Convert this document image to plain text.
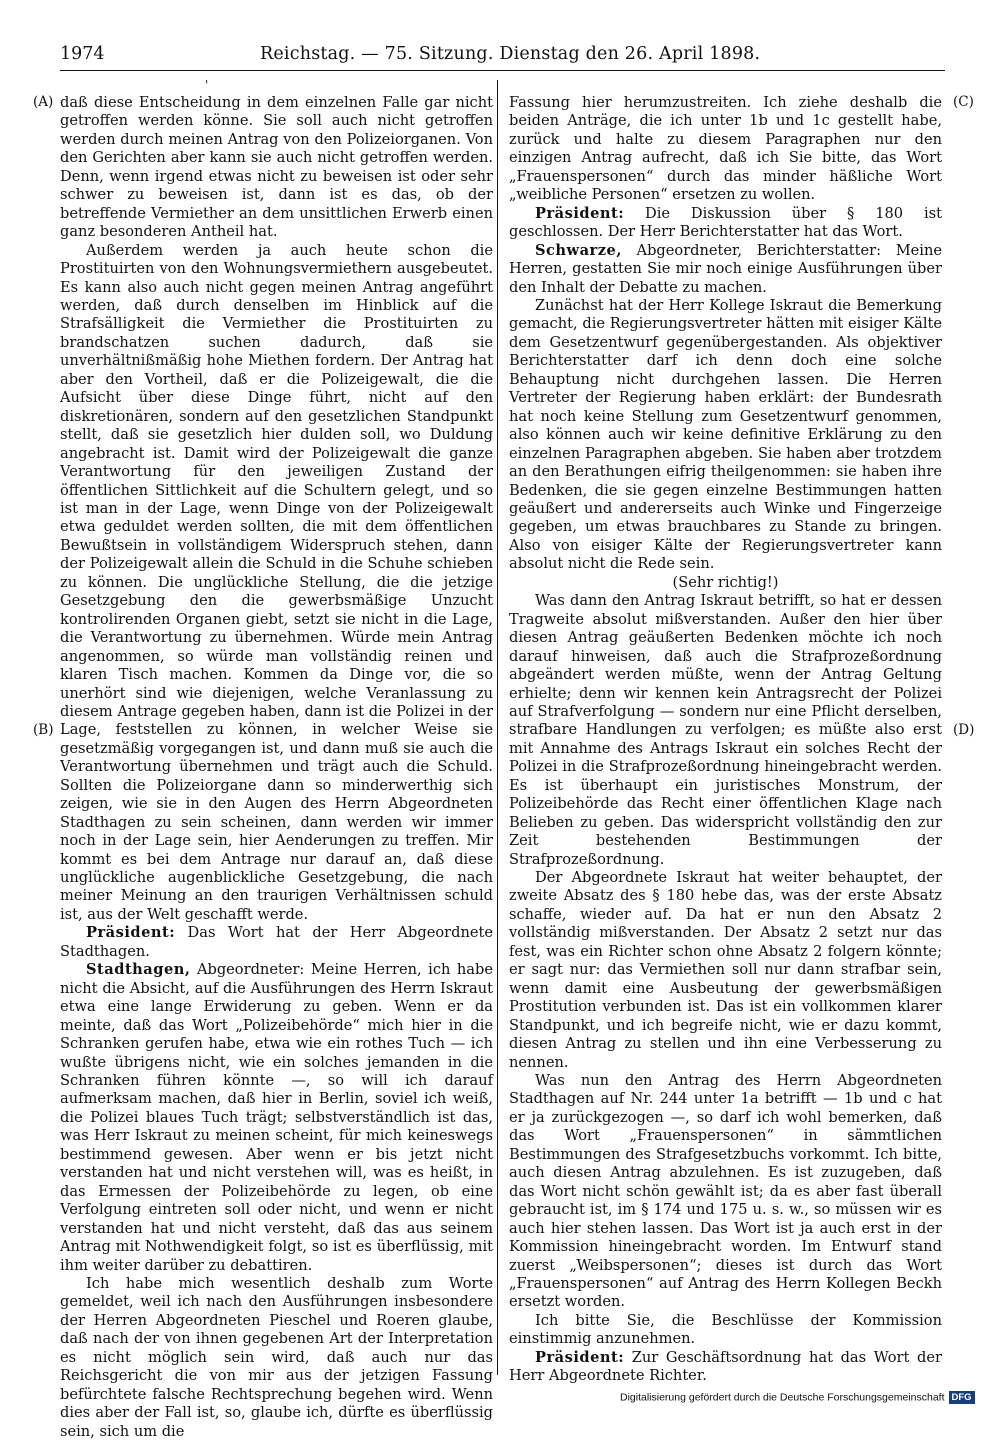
1974	Reichstag. — 75. Sitzung. Dienstag den 26. April 1898.
'
(A)
(B)
(C)
(D)

daß diese Entscheidung in dem einzelnen Falle gar nicht getroffen werden könne. Sie soll auch nicht getroffen werden durch meinen Antrag von den Polizeiorganen. Von den Gerichten aber kann sie auch nicht getroffen werden. Denn, wenn irgend etwas nicht zu beweisen ist oder sehr schwer zu beweisen ist, dann ist es das, ob der betreffende Vermiether an dem unsittlichen Erwerb einen ganz besonderen Antheil hat.

Außerdem werden ja auch heute schon die Prostituirten von den Wohnungsvermiethern ausgebeutet. Es kann also auch nicht gegen meinen Antrag angeführt werden, daß durch denselben im Hinblick auf die Strafsälligkeit die Vermiether die Prostituirten zu brandschatzen suchen dadurch, daß sie unverhältnißmäßig hohe Miethen fordern. Der Antrag hat aber den Vortheil, daß er die Polizeigewalt, die die Aufsicht über diese Dinge führt, nicht auf den diskretionären, sondern auf den gesetzlichen Standpunkt stellt, daß sie gesetzlich hier dulden soll, wo Duldung angebracht ist. Damit wird der Polizeigewalt die ganze Verantwortung für den jeweiligen Zustand der öffentlichen Sittlichkeit auf die Schultern gelegt, und so ist man in der Lage, wenn Dinge von der Polizeigewalt etwa geduldet werden sollten, die mit dem öffentlichen Bewußtsein in vollständigem Widerspruch stehen, dann der Polizeigewalt allein die Schuld in die Schuhe schieben zu können. Die unglückliche Stellung, die die jetzige Gesetzgebung den die gewerbsmäßige Unzucht kontrolirenden Organen giebt, setzt sie nicht in die Lage, die Verantwortung zu übernehmen. Würde mein Antrag angenommen, so würde man vollständig reinen und klaren Tisch machen. Kommen da Dinge vor, die so unerhört sind wie diejenigen, welche Veranlassung zu diesem Antrage gegeben haben, dann ist die Polizei in der Lage, feststellen zu können, in welcher Weise sie gesetzmäßig vorgegangen ist, und dann muß sie auch die Verantwortung übernehmen und trägt auch die Schuld. Sollten die Polizeiorgane dann so minderwerthig sich zeigen, wie sie in den Augen des Herrn Abgeordneten Stadthagen zu sein scheinen, dann werden wir immer noch in der Lage sein, hier Aenderungen zu treffen. Mir kommt es bei dem Antrage nur darauf an, daß diese unglückliche augenblickliche Gesetzgebung, die nach meiner Meinung an den traurigen Verhältnissen schuld ist, aus der Welt geschafft werde.

Präsident: Das Wort hat der Herr Abgeordnete Stadthagen.

Stadthagen, Abgeordneter: Meine Herren, ich habe nicht die Absicht, auf die Ausführungen des Herrn Iskraut etwa eine lange Erwiderung zu geben. Wenn er da meinte, daß das Wort „Polizeibehörde“ mich hier in die Schranken gerufen habe, etwa wie ein rothes Tuch — ich wußte übrigens nicht, wie ein solches jemanden in die Schranken führen könnte —, so will ich darauf aufmerksam machen, daß hier in Berlin, soviel ich weiß, die Polizei blaues Tuch trägt; selbstverständlich ist das, was Herr Iskraut zu meinen scheint, für mich keineswegs bestimmend gewesen. Aber wenn er bis jetzt nicht verstanden hat und nicht verstehen will, was es heißt, in das Ermessen der Polizeibehörde zu legen, ob eine Verfolgung eintreten soll oder nicht, und wenn er nicht verstanden hat und nicht versteht, daß das aus seinem Antrag mit Nothwendigkeit folgt, so ist es überflüssig, mit ihm weiter darüber zu debattiren.

Ich habe mich wesentlich deshalb zum Worte gemeldet, weil ich nach den Ausführungen insbesondere der Herren Abgeordneten Pieschel und Roeren glaube, daß nach der von ihnen gegebenen Art der Interpretation es nicht möglich sein wird, daß auch nur das Reichsgericht die von mir aus der jetzigen Fassung befürchtete falsche Rechtsprechung begehen wird. Wenn dies aber der Fall ist, so, glaube ich, dürfte es überflüssig sein, sich um die

Fassung hier herumzustreiten. Ich ziehe deshalb die beiden Anträge, die ich unter 1b und 1c gestellt habe, zurück und halte zu diesem Paragraphen nur den einzigen Antrag aufrecht, daß ich Sie bitte, das Wort „Frauenspersonen“ durch das minder häßliche Wort „weibliche Personen“ ersetzen zu wollen.

Präsident: Die Diskussion über § 180 ist geschlossen. Der Herr Berichterstatter hat das Wort.

Schwarze, Abgeordneter, Berichterstatter: Meine Herren, gestatten Sie mir noch einige Ausführungen über den Inhalt der Debatte zu machen.

Zunächst hat der Herr Kollege Iskraut die Bemerkung gemacht, die Regierungsvertreter hätten mit eisiger Kälte dem Gesetzentwurf gegenübergestanden. Als objektiver Berichterstatter darf ich denn doch eine solche Behauptung nicht durchgehen lassen. Die Herren Vertreter der Regierung haben erklärt: der Bundesrath hat noch keine Stellung zum Gesetzentwurf genommen, also können auch wir keine definitive Erklärung zu den einzelnen Paragraphen abgeben. Sie haben aber trotzdem an den Berathungen eifrig theilgenommen: sie haben ihre Bedenken, die sie gegen einzelne Bestimmungen hatten geäußert und andererseits auch Winke und Fingerzeige gegeben, um etwas brauchbares zu Stande zu bringen. Also von eisiger Kälte der Regierungsvertreter kann absolut nicht die Rede sein.

(Sehr richtig!)

Was dann den Antrag Iskraut betrifft, so hat er dessen Tragweite absolut mißverstanden. Außer den hier über diesen Antrag geäußerten Bedenken möchte ich noch darauf hinweisen, daß auch die Strafprozeßordnung abgeändert werden müßte, wenn der Antrag Geltung erhielte; denn wir kennen kein Antragsrecht der Polizei auf Strafverfolgung — sondern nur eine Pflicht derselben, strafbare Handlungen zu verfolgen; es müßte also erst mit Annahme des Antrags Iskraut ein solches Recht der Polizei in die Strafprozeßordnung hineingebracht werden. Es ist überhaupt ein juristisches Monstrum, der Polizeibehörde das Recht einer öffentlichen Klage nach Belieben zu geben. Das widerspricht vollständig den zur Zeit bestehenden Bestimmungen der Strafprozeßordnung.

Der Abgeordnete Iskraut hat weiter behauptet, der zweite Absatz des § 180 hebe das, was der erste Absatz schaffe, wieder auf. Da hat er nun den Absatz 2 vollständig mißverstanden. Der Absatz 2 setzt nur das fest, was ein Richter schon ohne Absatz 2 folgern könnte; er sagt nur: das Vermiethen soll nur dann strafbar sein, wenn damit eine Ausbeutung der gewerbsmäßigen Prostitution verbunden ist. Das ist ein vollkommen klarer Standpunkt, und ich begreife nicht, wie er dazu kommt, diesen Antrag zu stellen und ihn eine Verbesserung zu nennen.

Was nun den Antrag des Herrn Abgeordneten Stadthagen auf Nr. 244 unter 1a betrifft — 1b und c hat er ja zurückgezogen —, so darf ich wohl bemerken, daß das Wort „Frauenspersonen“ in sämmtlichen Bestimmungen des Strafgesetzbuchs vorkommt. Ich bitte, auch diesen Antrag abzulehnen. Es ist zuzugeben, daß das Wort nicht schön gewählt ist; da es aber fast überall gebraucht ist, im § 174 und 175 u. s. w., so müssen wir es auch hier stehen lassen. Das Wort ist ja auch erst in der Kommission hineingebracht worden. Im Entwurf stand zuerst „Weibspersonen“; dieses ist durch das Wort „Frauenspersonen“ auf Antrag des Herrn Kollegen Beckh ersetzt worden.

Ich bitte Sie, die Beschlüsse der Kommission einstimmig anzunehmen.

Präsident: Zur Geschäftsordnung hat das Wort der Herr Abgeordnete Richter.

Digitalisierung gefördert durch die Deutsche Forschungsgemeinschaft DFG
